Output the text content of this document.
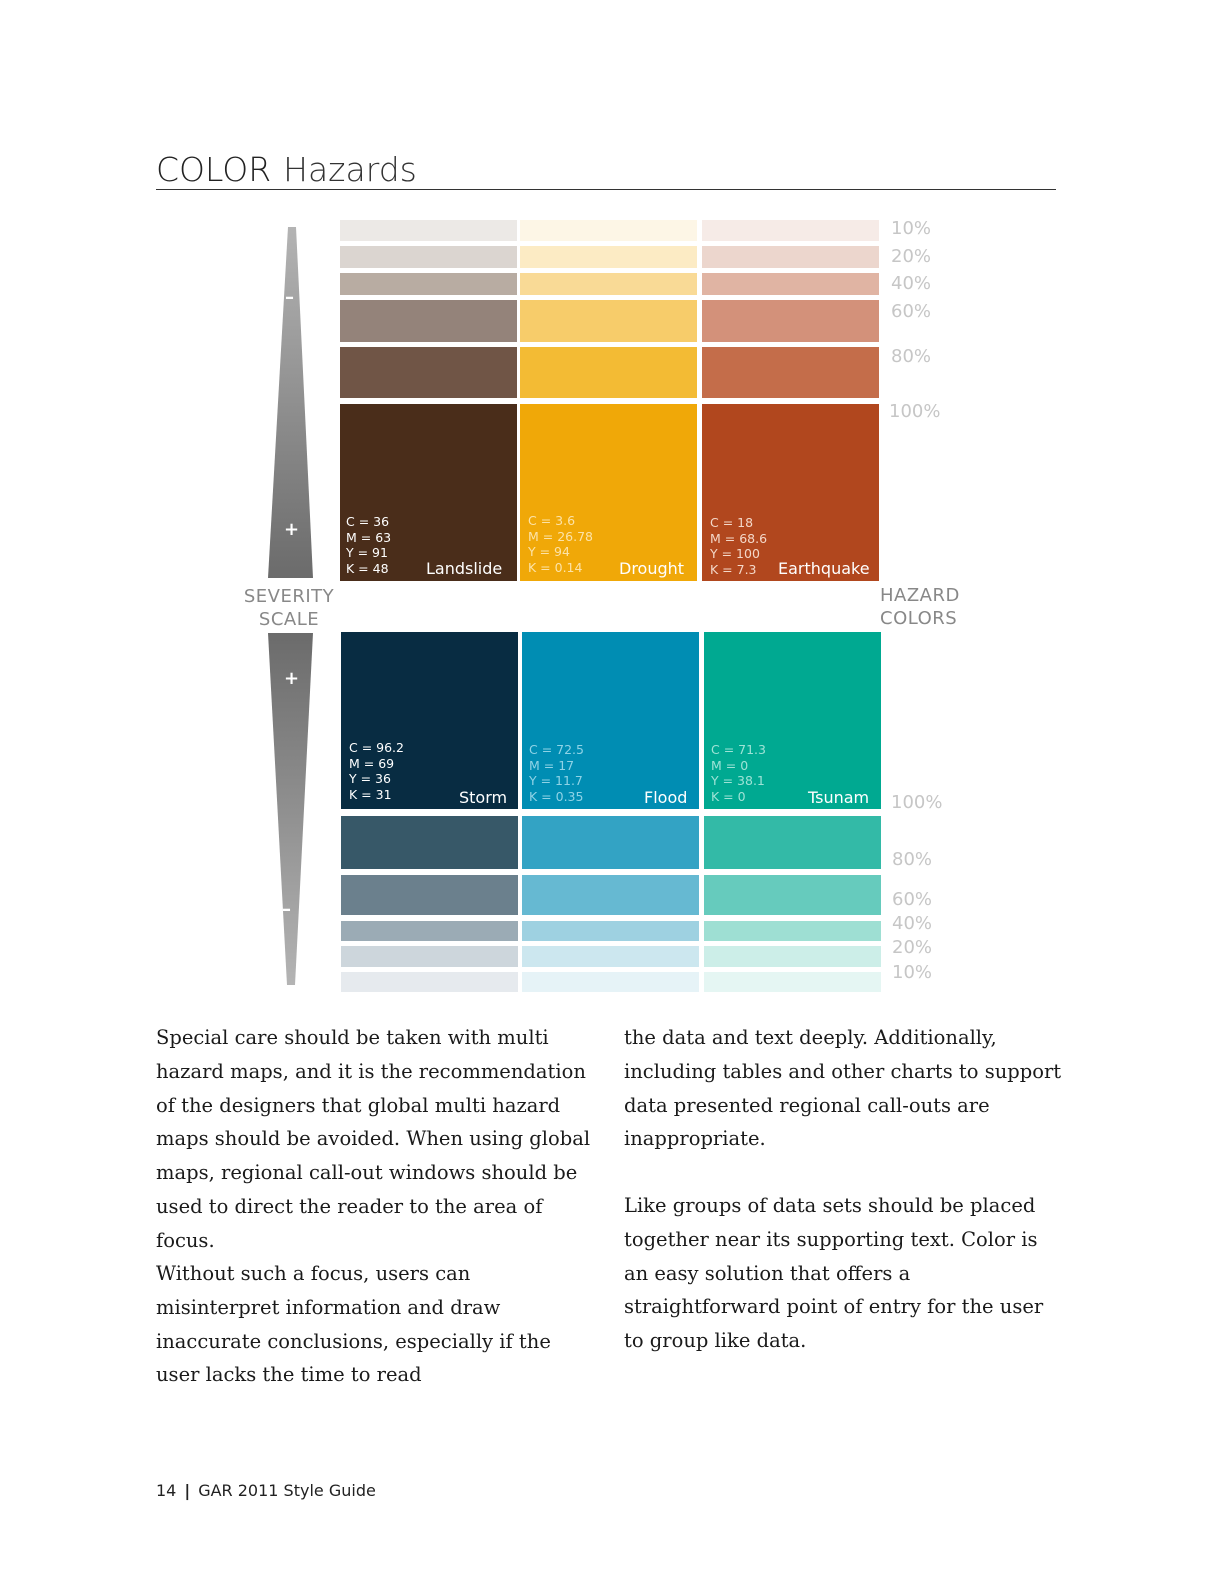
COLOR Hazards
–
+
+
–
SEVERITY
SCALE
HAZARD
COLORS
10%
20%
40%
60%
80%
100%
C = 36
M = 63
Y = 91
K = 48 Landslide
C = 3.6
M = 26.78
Y = 94
K = 0.14	Drought
C = 18
M = 68.6
Y = 100
K = 7.3	Earthquake
100%
80%
60%
40%
20%
10%
C = 96.2
M = 69
Y = 36
K = 31	Storm
C = 72.5
M = 17
Y = 11.7
K = 0.35	Flood
C = 71.3
M = 0
Y = 38.1
K = 0	Tsunam

Special care should be taken with multi hazard maps, and it is the recommendation of the designers that global multi hazard maps should be avoided. When using global maps, regional call-out windows should be used to direct the reader to the area of focus.

Without such a focus, users can misinterpret information and draw inaccurate conclusions, especially if the user lacks the time to read

the data and text deeply. Additionally, including tables and other charts to support data presented regional call-outs are inappropriate.

Like groups of data sets should be placed together near its supporting text. Color is an easy solution that offers a straightforward point of entry for the user to group like data.

14 | GAR 2011 Style Guide
